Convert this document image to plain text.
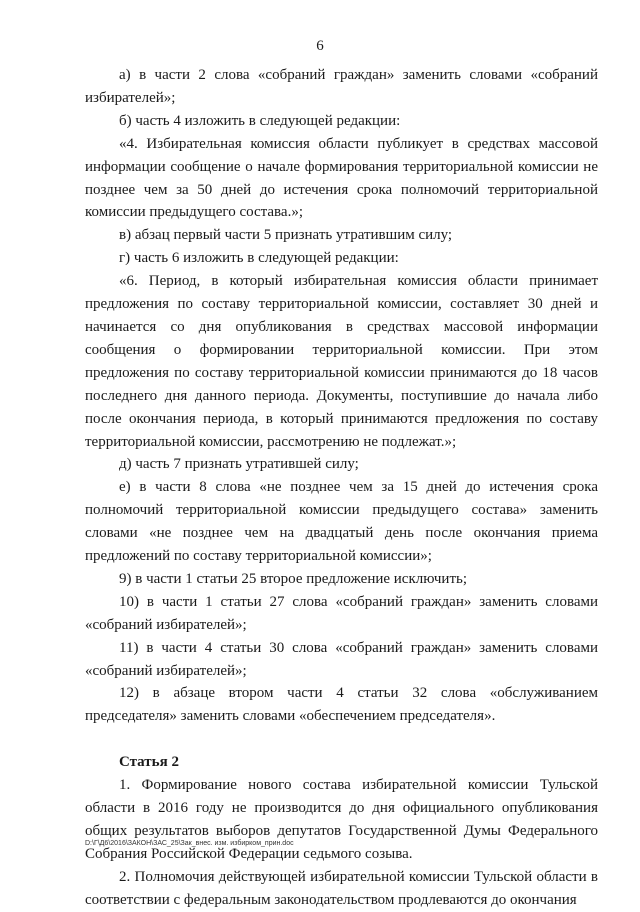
6

а) в части 2 слова «собраний граждан» заменить словами «собраний избирателей»;

б) часть 4 изложить в следующей редакции:

«4. Избирательная комиссия области публикует в средствах массовой информации сообщение о начале формирования территориальной комиссии не позднее чем за 50 дней до истечения срока полномочий территориальной комиссии предыдущего состава.»;

в) абзац первый части 5 признать утратившим силу;

г) часть 6 изложить в следующей редакции:

«6. Период, в который избирательная комиссия области принимает предложения по составу территориальной комиссии, составляет 30 дней и начинается со дня опубликования в средствах массовой информации сообщения о формировании территориальной комиссии. При этом предложения по составу территориальной комиссии принимаются до 18 часов последнего дня данного периода. Документы, поступившие до начала либо после окончания периода, в который принимаются предложения по составу территориальной комиссии, рассмотрению не подлежат.»;

д) часть 7 признать утратившей силу;

е) в части 8 слова «не позднее чем за 15 дней до истечения срока полномочий территориальной комиссии предыдущего состава» заменить словами «не позднее чем на двадцатый день после окончания приема предложений по составу территориальной комиссии»;

9) в части 1 статьи 25 второе предложение исключить;

10) в части 1 статьи 27 слова «собраний граждан» заменить словами «собраний избирателей»;

11) в части 4 статьи 30 слова «собраний граждан» заменить словами «собраний избирателей»;

12) в абзаце втором части 4 статьи 32 слова «обслуживанием председателя» заменить словами «обеспечением председателя».

Статья 2

1. Формирование нового состава избирательной комиссии Тульской области в 2016 году не производится до дня официального опубликования общих результатов выборов депутатов Государственной Думы Федерального Собрания Российской Федерации седьмого созыва.

2. Полномочия действующей избирательной комиссии Тульской области в соответствии с федеральным законодательством продлеваются до окончания

D:\Г\Д6\2016\ЗАКОН\ЗАС_25\Зак_внес. изм. избирком_прин.doc
